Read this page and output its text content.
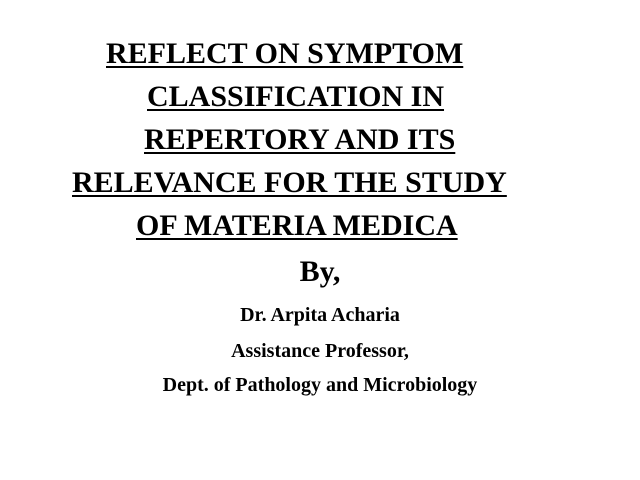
REFLECT ON SYMPTOM
CLASSIFICATION IN
REPERTORY AND ITS
RELEVANCE FOR THE STUDY
OF MATERIA MEDICA
By,
Dr. Arpita Acharia
Assistance Professor,
Dept. of Pathology and Microbiology
